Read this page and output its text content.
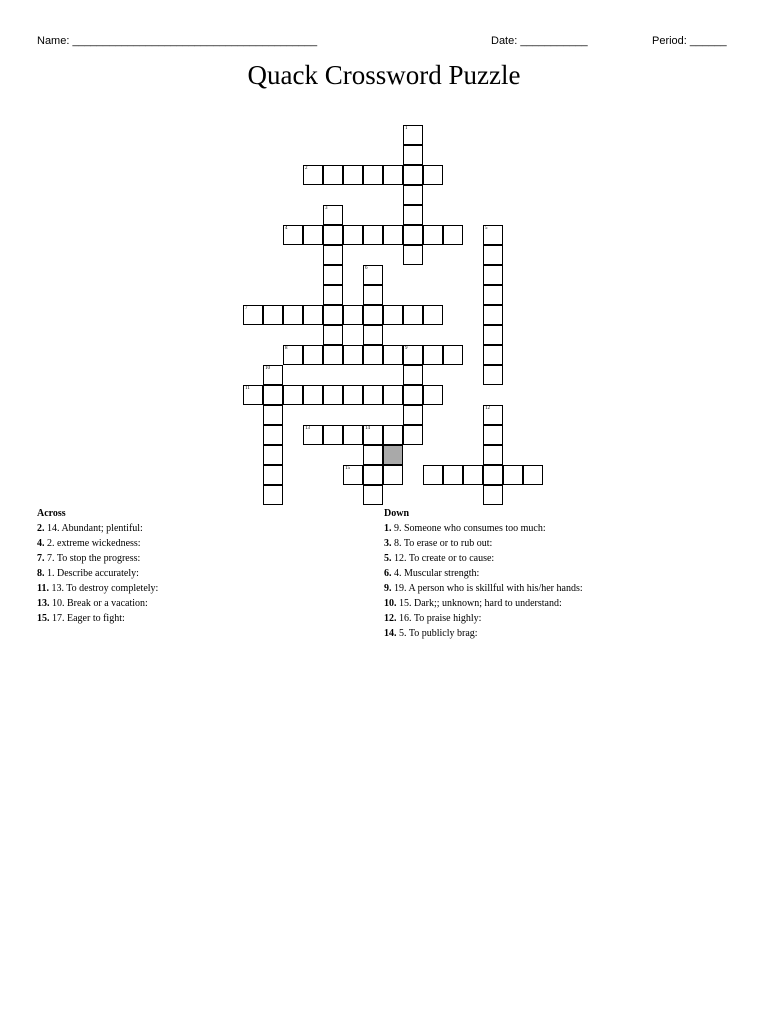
Name: ________________________________________	Date: ___________	Period: ______
Quack Crossword Puzzle
1
2
3
4	5
6
7
8	9
10
11
12
13	14
15
Across
2. 14. Abundant; plentiful:
4. 2. extreme wickedness:
7. 7. To stop the progress:
8. 1. Describe accurately:
11. 13. To destroy completely:
13. 10. Break or a vacation:
15. 17. Eager to fight:
Down
1. 9. Someone who consumes too much:
3. 8. To erase or to rub out:
5. 12. To create or to cause:
6. 4. Muscular strength:
9. 19. A person who is skillful with his/her hands:
10. 15. Dark;; unknown; hard to understand:
12. 16. To praise highly:
14. 5. To publicly brag:
